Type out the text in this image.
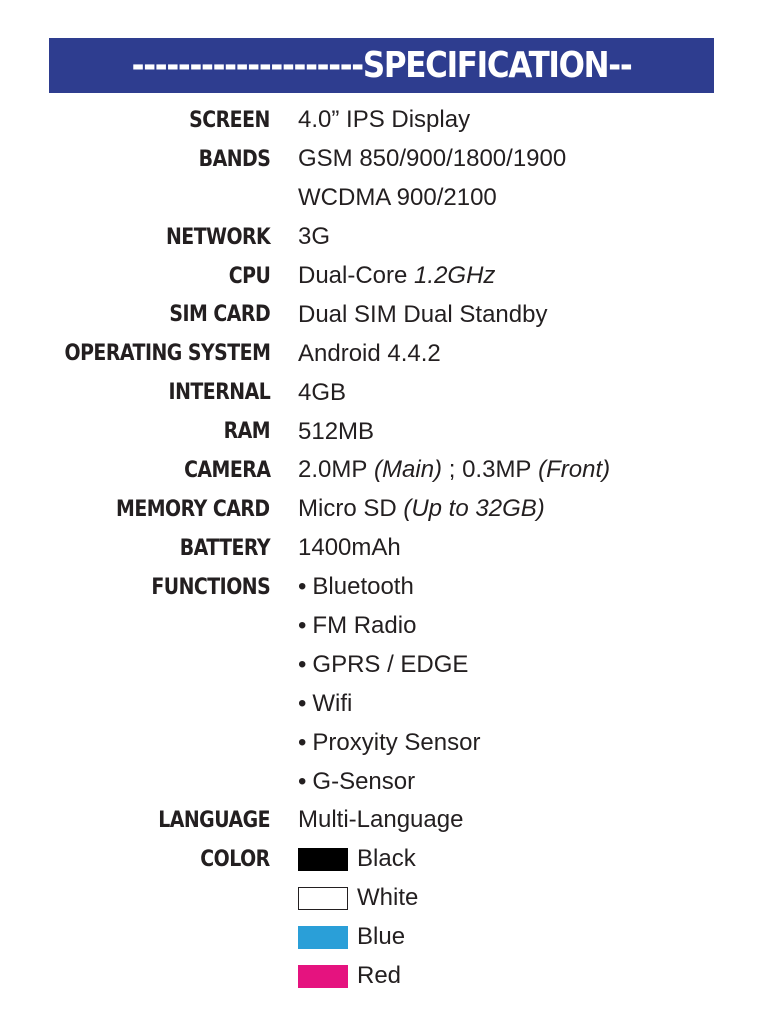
--------------------SPECIFICATION--
SCREEN 4.0” IPS Display
BANDS GSM 850/900/1800/1900
WCDMA 900/2100
NETWORK 3G
CPU Dual-Core
1.2GHz
SIM CARD Dual SIM Dual Standby
OPERATING SYSTEM Android 4.4.2
INTERNAL 4GB
RAM 512MB
CAMERA 2.0MP
(Main)
;
0.3MP
(Front)
MEMORY CARD Micro SD
(Up to 32GB)
BATTERY 1400mAh
FUNCTIONS • Bluetooth
• FM Radio
• GPRS / EDGE
• Wifi
• Proxyity Sensor
• G-Sensor
LANGUAGE Multi-Language
COLOR	Black
White
Blue
Red
